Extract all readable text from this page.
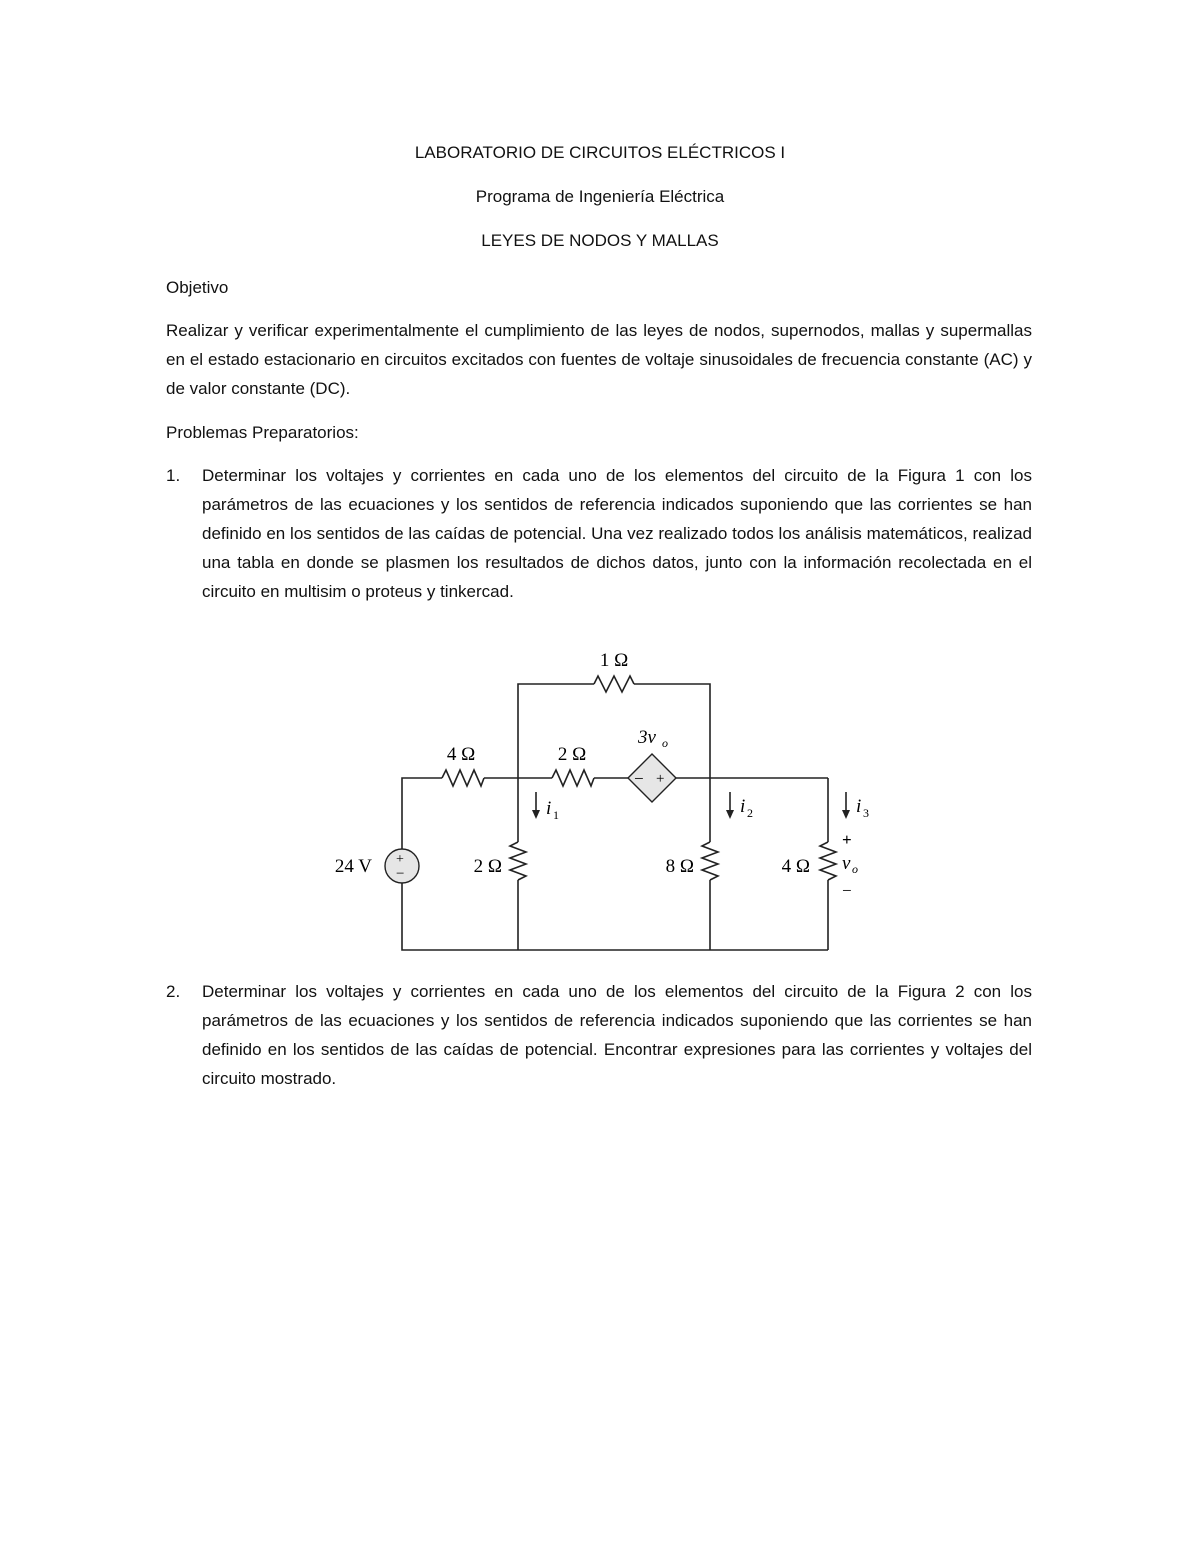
LABORATORIO DE CIRCUITOS ELÉCTRICOS I
Programa de Ingeniería Eléctrica
LEYES DE NODOS Y MALLAS
Objetivo
Realizar y verificar experimentalmente el cumplimiento de las leyes de nodos, supernodos, mallas y supermallas en el estado estacionario en circuitos excitados con fuentes de voltaje sinusoidales de frecuencia constante (AC) y de valor constante (DC).
Problemas Preparatorios:
1. Determinar los voltajes y corrientes en cada uno de los elementos del circuito de la Figura 1 con los parámetros de las ecuaciones y los sentidos de referencia indicados suponiendo que las corrientes se han definido en los sentidos de las caídas de potencial. Una vez realizado todos los análisis matemáticos, realizad una tabla en donde se plasmen los resultados de dichos datos, junto con la información recolectada en el circuito en multisim o proteus y tinkercad.
1 Ω
4 Ω	2 Ω
3v o
− +
+
−
24 V	2 Ω	8 Ω	4 Ω
i 1	i 2	i 3
+
v o
−
2. Determinar los voltajes y corrientes en cada uno de los elementos del circuito de la Figura 2 con los parámetros de las ecuaciones y los sentidos de referencia indicados suponiendo que las corrientes se han definido en los sentidos de las caídas de potencial. Encontrar expresiones para las corrientes y voltajes del circuito mostrado.
